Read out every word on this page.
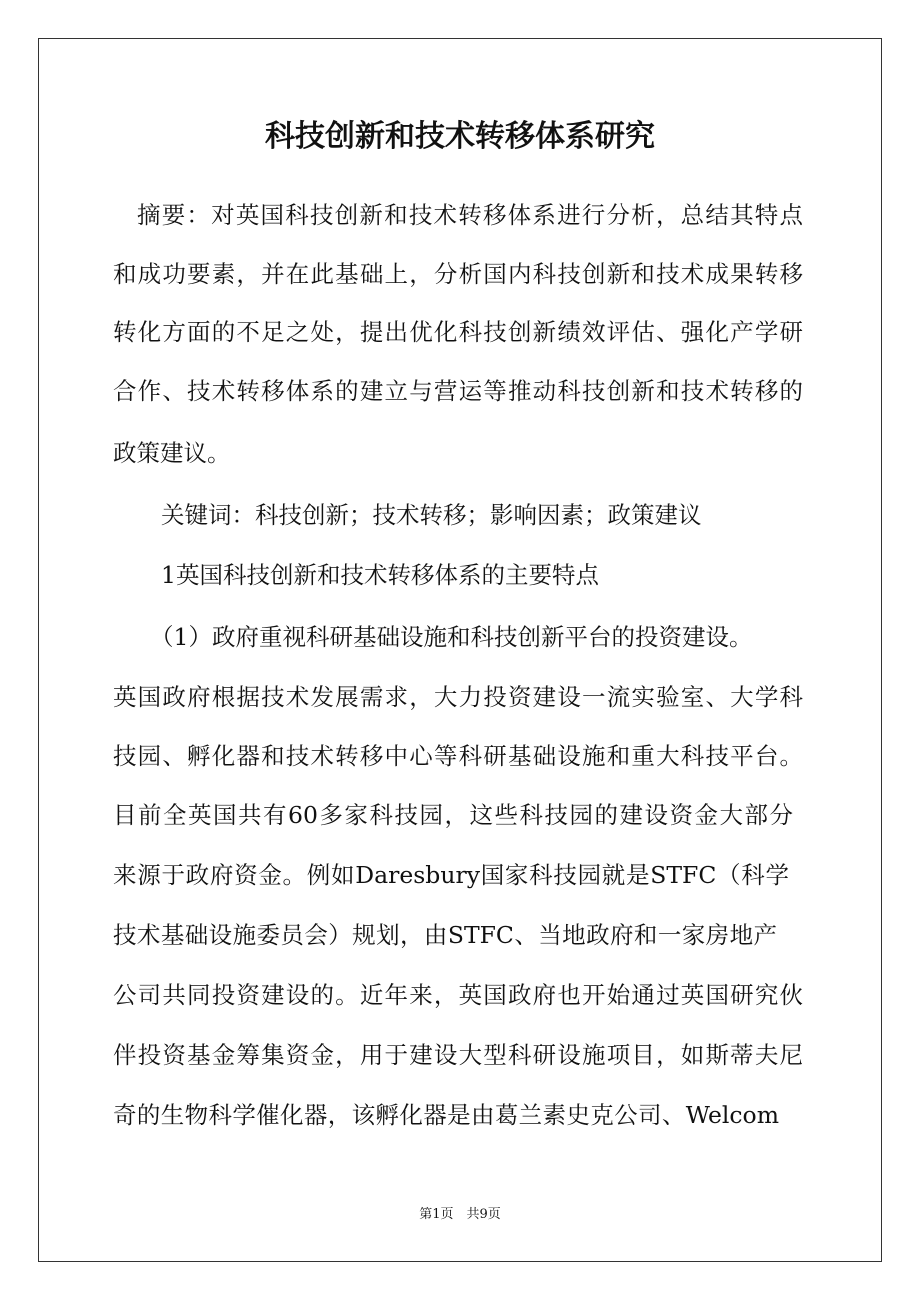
科技创新和技术转移体系研究
摘要：对英国科技创新和技术转移体系进行分析，总结其特点
和成功要素，并在此基础上，分析国内科技创新和技术成果转移
转化方面的不足之处，提出优化科技创新绩效评估、强化产学研
合作、技术转移体系的建立与营运等推动科技创新和技术转移的
政策建议。
关键词：科技创新；技术转移；影响因素；政策建议
1英国科技创新和技术转移体系的主要特点
（1）政府重视科研基础设施和科技创新平台的投资建设。
英国政府根据技术发展需求，大力投资建设一流实验室、大学科
技园、孵化器和技术转移中心等科研基础设施和重大科技平台。
目前全英国共有60多家科技园，这些科技园的建设资金大部分
来源于政府资金。例如Daresbury国家科技园就是STFC（科学
技术基础设施委员会）规划，由STFC、当地政府和一家房地产
公司共同投资建设的。近年来，英国政府也开始通过英国研究伙
伴投资基金筹集资金，用于建设大型科研设施项目，如斯蒂夫尼
奇的生物科学催化器，该孵化器是由葛兰素史克公司、Welcom
第1页　共9页
